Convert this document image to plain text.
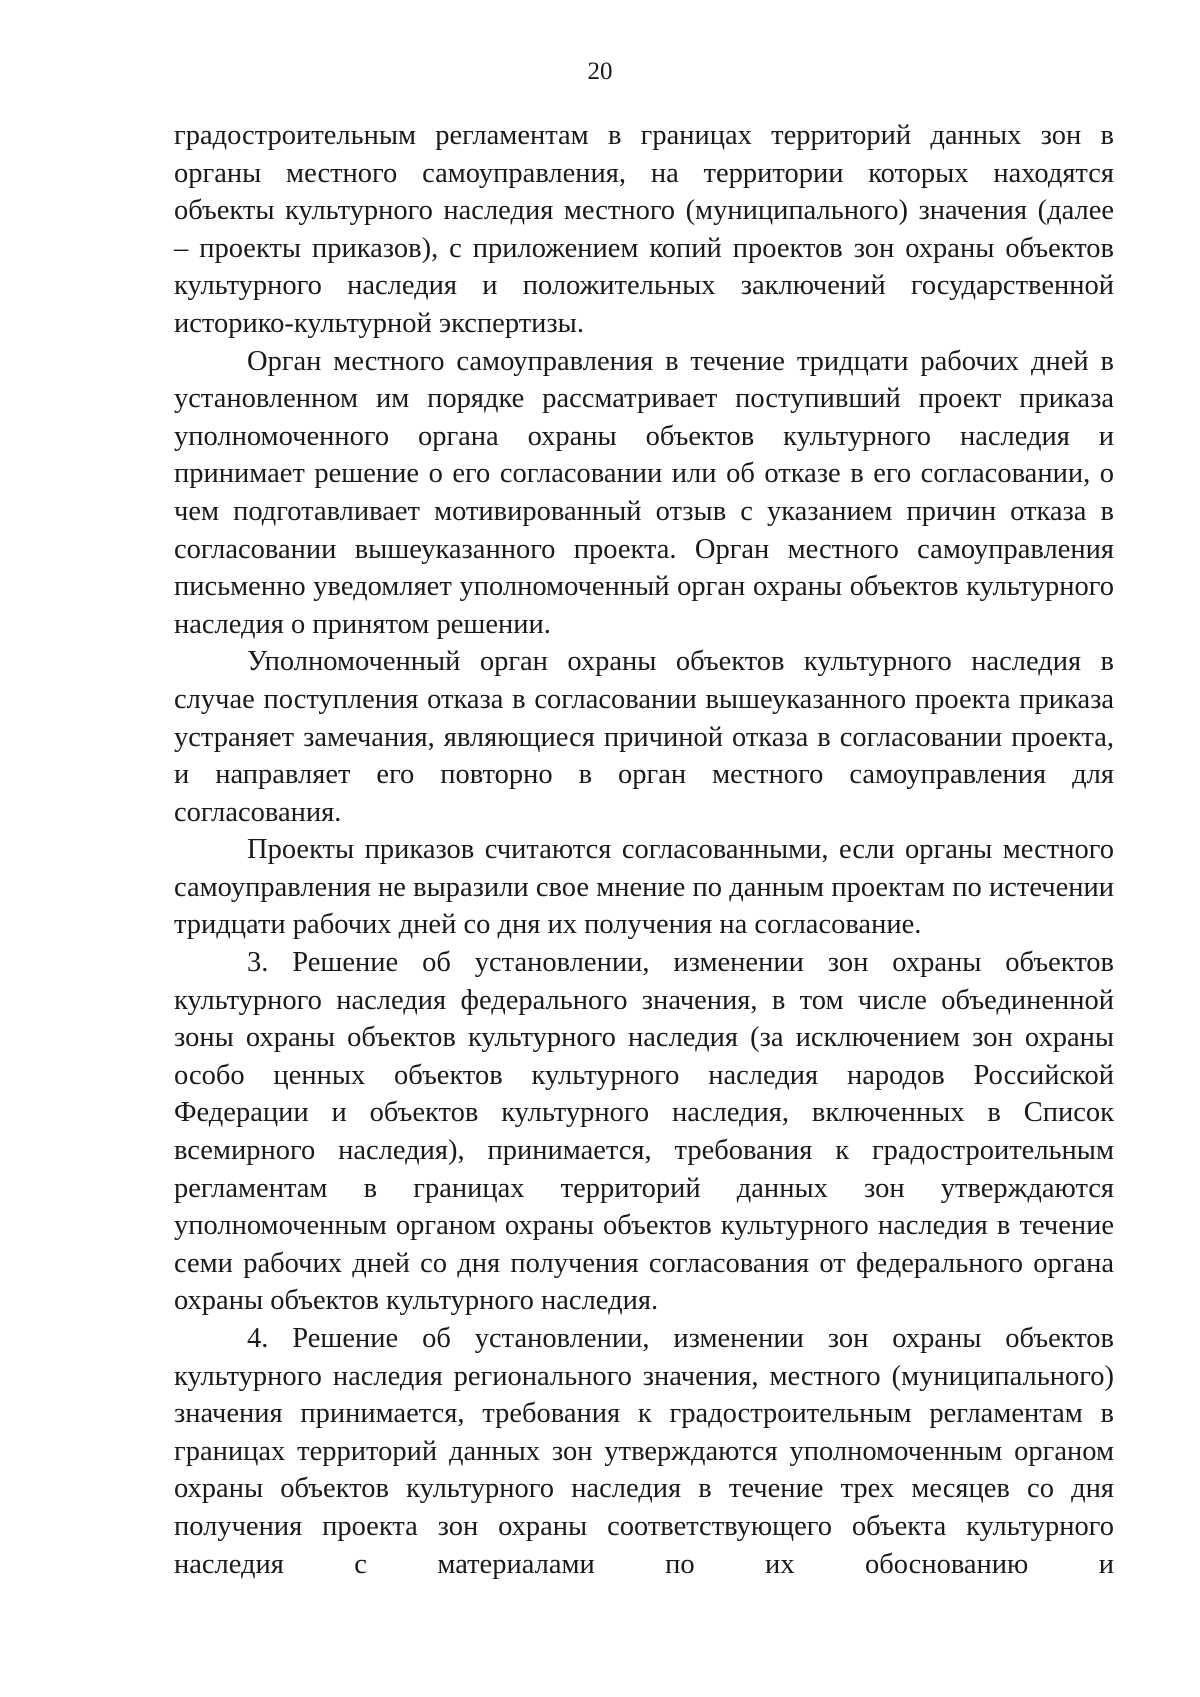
20

градостроительным регламентам в границах территорий данных зон в органы местного самоуправления, на территории которых находятся объекты культурного наследия местного (муниципального) значения (далее – проекты приказов), с приложением копий проектов зон охраны объектов культурного наследия и положительных заключений государственной историко-культурной экспертизы.

Орган местного самоуправления в течение тридцати рабочих дней в установленном им порядке рассматривает поступивший проект приказа уполномоченного органа охраны объектов культурного наследия и принимает решение о его согласовании или об отказе в его согласовании, о чем подготавливает мотивированный отзыв с указанием причин отказа в согласовании вышеуказанного проекта. Орган местного самоуправления письменно уведомляет уполномоченный орган охраны объектов культурного наследия о принятом решении.

Уполномоченный орган охраны объектов культурного наследия в случае поступления отказа в согласовании вышеуказанного проекта приказа устраняет замечания, являющиеся причиной отказа в согласовании проекта, и направляет его повторно в орган местного самоуправления для согласования.

Проекты приказов считаются согласованными, если органы местного самоуправления не выразили свое мнение по данным проектам по истечении тридцати рабочих дней со дня их получения на согласование.

3. Решение об установлении, изменении зон охраны объектов культурного наследия федерального значения, в том числе объединенной зоны охраны объектов культурного наследия (за исключением зон охраны особо ценных объектов культурного наследия народов Российской Федерации и объектов культурного наследия, включенных в Список всемирного наследия), принимается, требования к градостроительным регламентам в границах территорий данных зон утверждаются уполномоченным органом охраны объектов культурного наследия в течение семи рабочих дней со дня получения согласования от федерального органа охраны объектов культурного наследия.

4. Решение об установлении, изменении зон охраны объектов культурного наследия регионального значения, местного (муниципального) значения принимается, требования к градостроительным регламентам в границах территорий данных зон утверждаются уполномоченным органом охраны объектов культурного наследия в течение трех месяцев со дня получения проекта зон охраны соответствующего объекта культурного наследия с материалами по их обоснованию и
